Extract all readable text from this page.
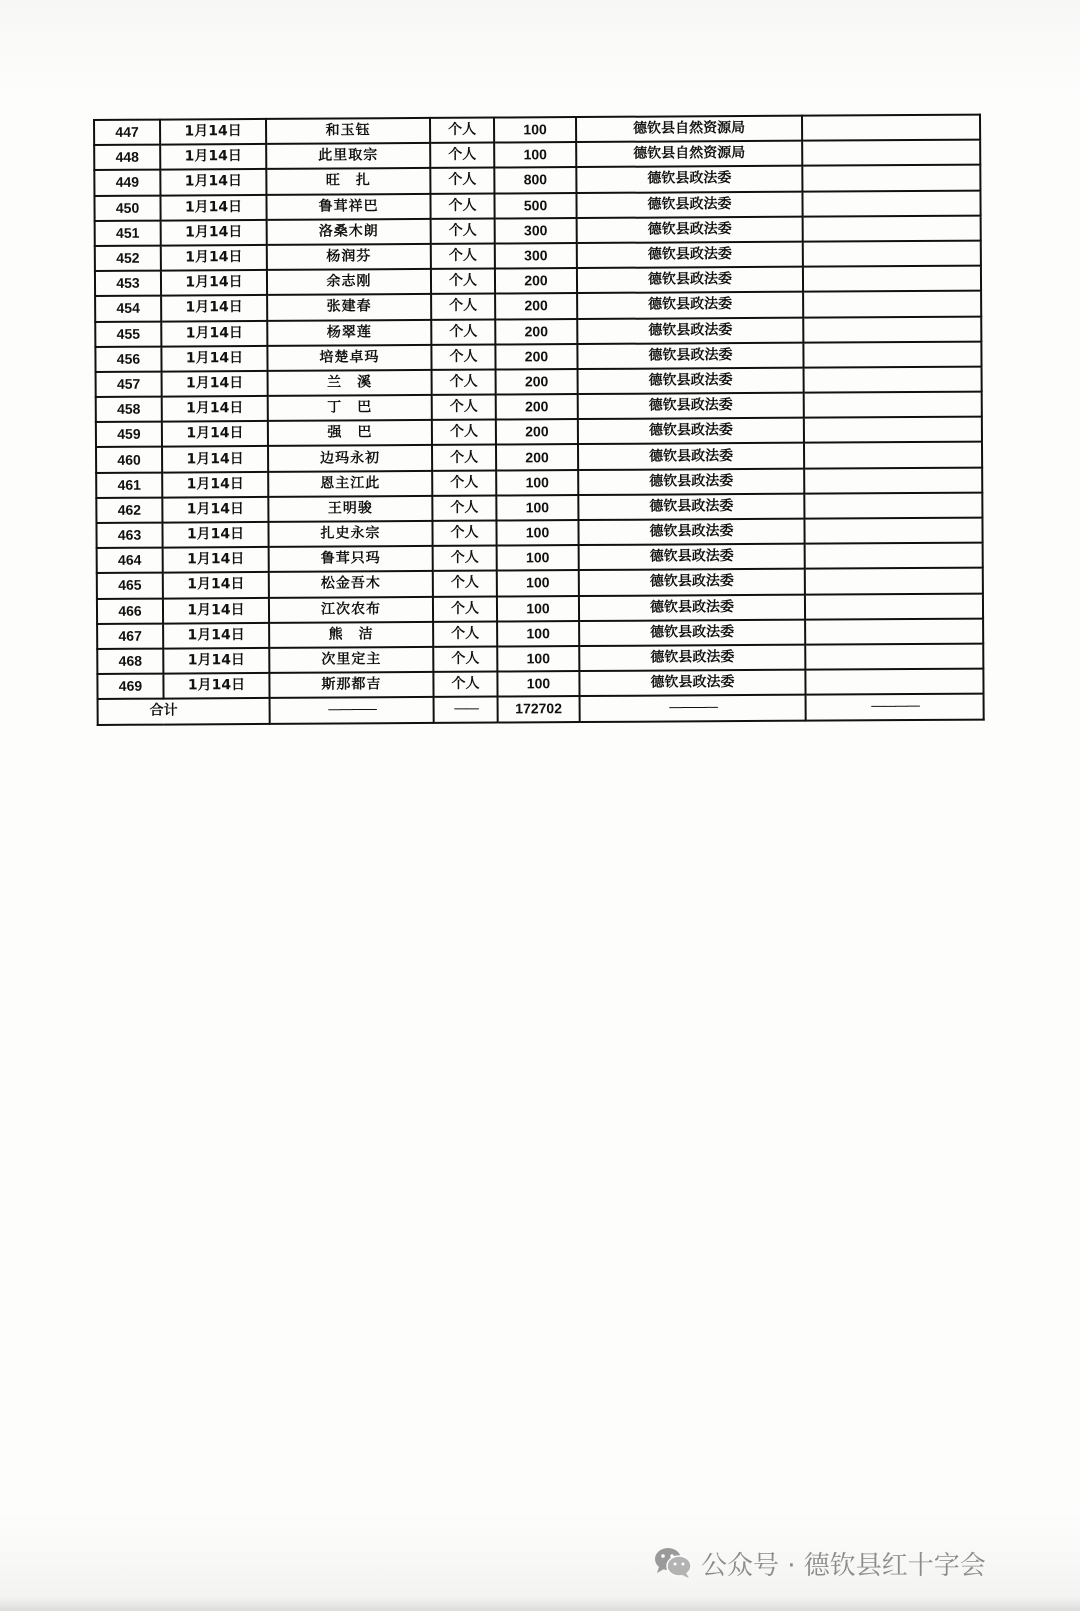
447	1月14日	和玉钰	个人	100	德钦县自然资源局	
448	1月14日	此里取宗	个人	100	德钦县自然资源局	
449	1月14日	旺　扎	个人	800	德钦县政法委	
450	1月14日	鲁茸祥巴	个人	500	德钦县政法委	
451	1月14日	洛桑木朗	个人	300	德钦县政法委	
452	1月14日	杨润芬	个人	300	德钦县政法委	
453	1月14日	余志刚	个人	200	德钦县政法委	
454	1月14日	张建春	个人	200	德钦县政法委	
455	1月14日	杨翠莲	个人	200	德钦县政法委	
456	1月14日	培楚卓玛	个人	200	德钦县政法委	
457	1月14日	兰　溪	个人	200	德钦县政法委	
458	1月14日	丁　巴	个人	200	德钦县政法委	
459	1月14日	强　巴	个人	200	德钦县政法委	
460	1月14日	边玛永初	个人	200	德钦县政法委	
461	1月14日	恩主江此	个人	100	德钦县政法委	
462	1月14日	王明骏	个人	100	德钦县政法委	
463	1月14日	扎史永宗	个人	100	德钦县政法委	
464	1月14日	鲁茸只玛	个人	100	德钦县政法委	
465	1月14日	松金吾木	个人	100	德钦县政法委	
466	1月14日	江次农布	个人	100	德钦县政法委	
467	1月14日	熊　洁	个人	100	德钦县政法委	
468	1月14日	次里定主	个人	100	德钦县政法委	
469	1月14日	斯那都吉	个人	100	德钦县政法委	
合计		————	——	172702	————	————
公众号 · 德钦县红十字会
